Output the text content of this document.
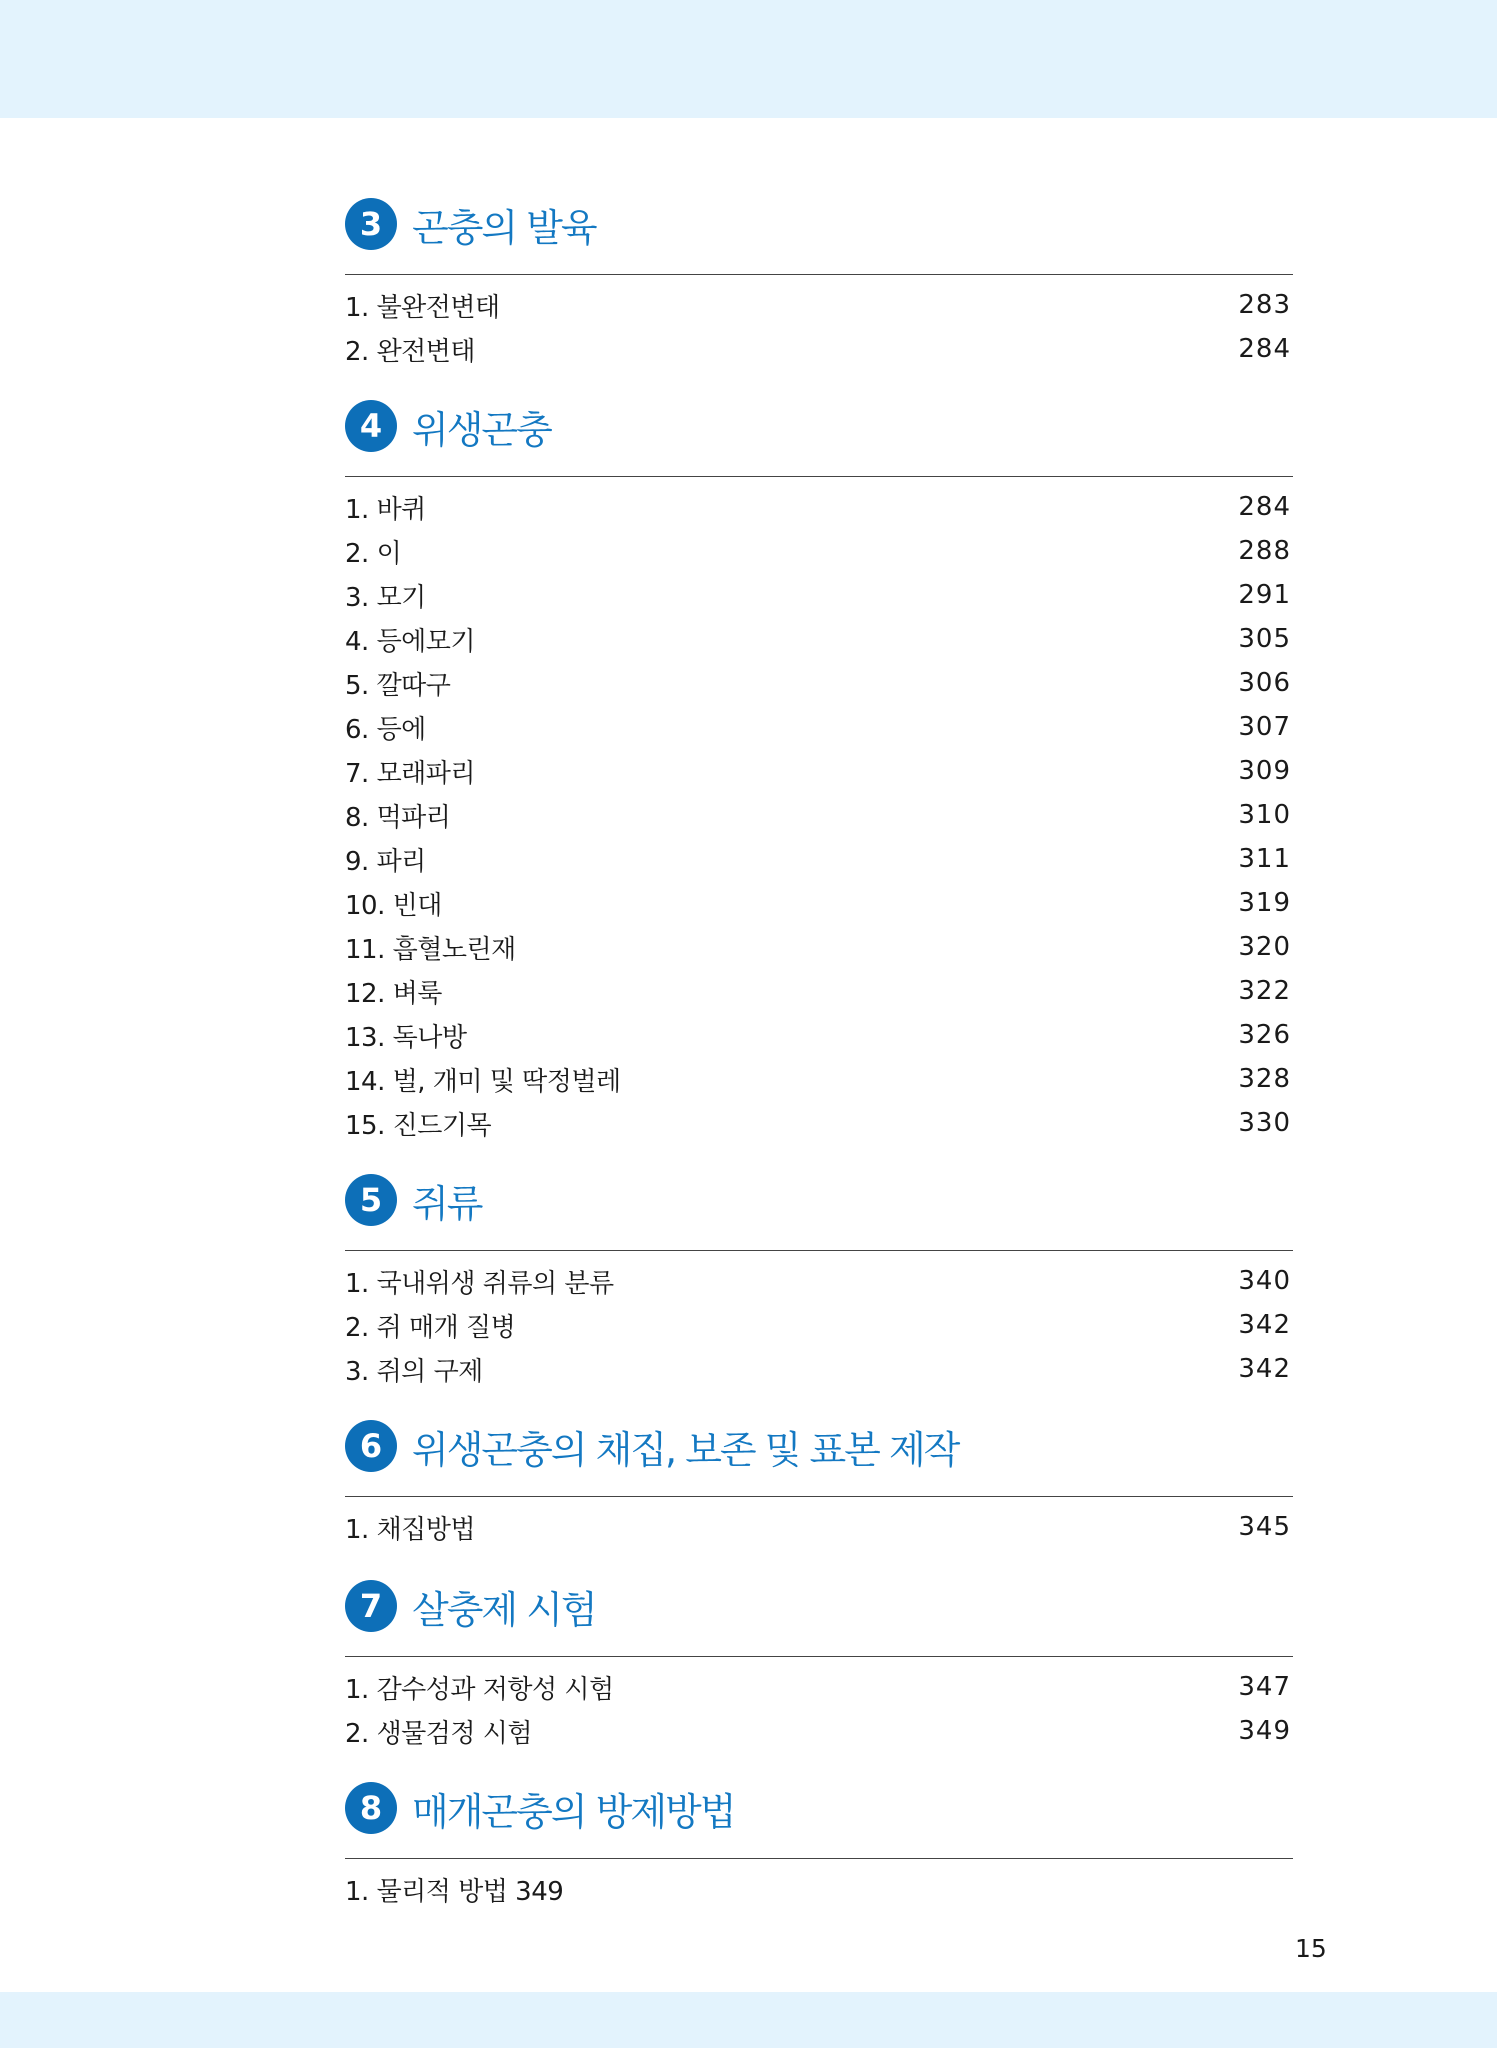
3 곤충의 발육
1. 불완전변태	283
2. 완전변태	284
4 위생곤충
1. 바퀴	284
2. 이	288
3. 모기	291
4. 등에모기	305
5. 깔따구	306
6. 등에	307
7. 모래파리	309
8. 먹파리	310
9. 파리	311
10. 빈대	319
11. 흡혈노린재	320
12. 벼룩	322
13. 독나방	326
14. 벌, 개미 및 딱정벌레	328
15. 진드기목	330
5 쥐류
1. 국내위생 쥐류의 분류	340
2. 쥐 매개 질병	342
3. 쥐의 구제	342
6 위생곤충의 채집, 보존 및 표본 제작
1. 채집방법	345
7 살충제 시험
1. 감수성과 저항성 시험	347
2. 생물검정 시험	349
8 매개곤충의 방제방법
1. 물리적 방법 349
15
